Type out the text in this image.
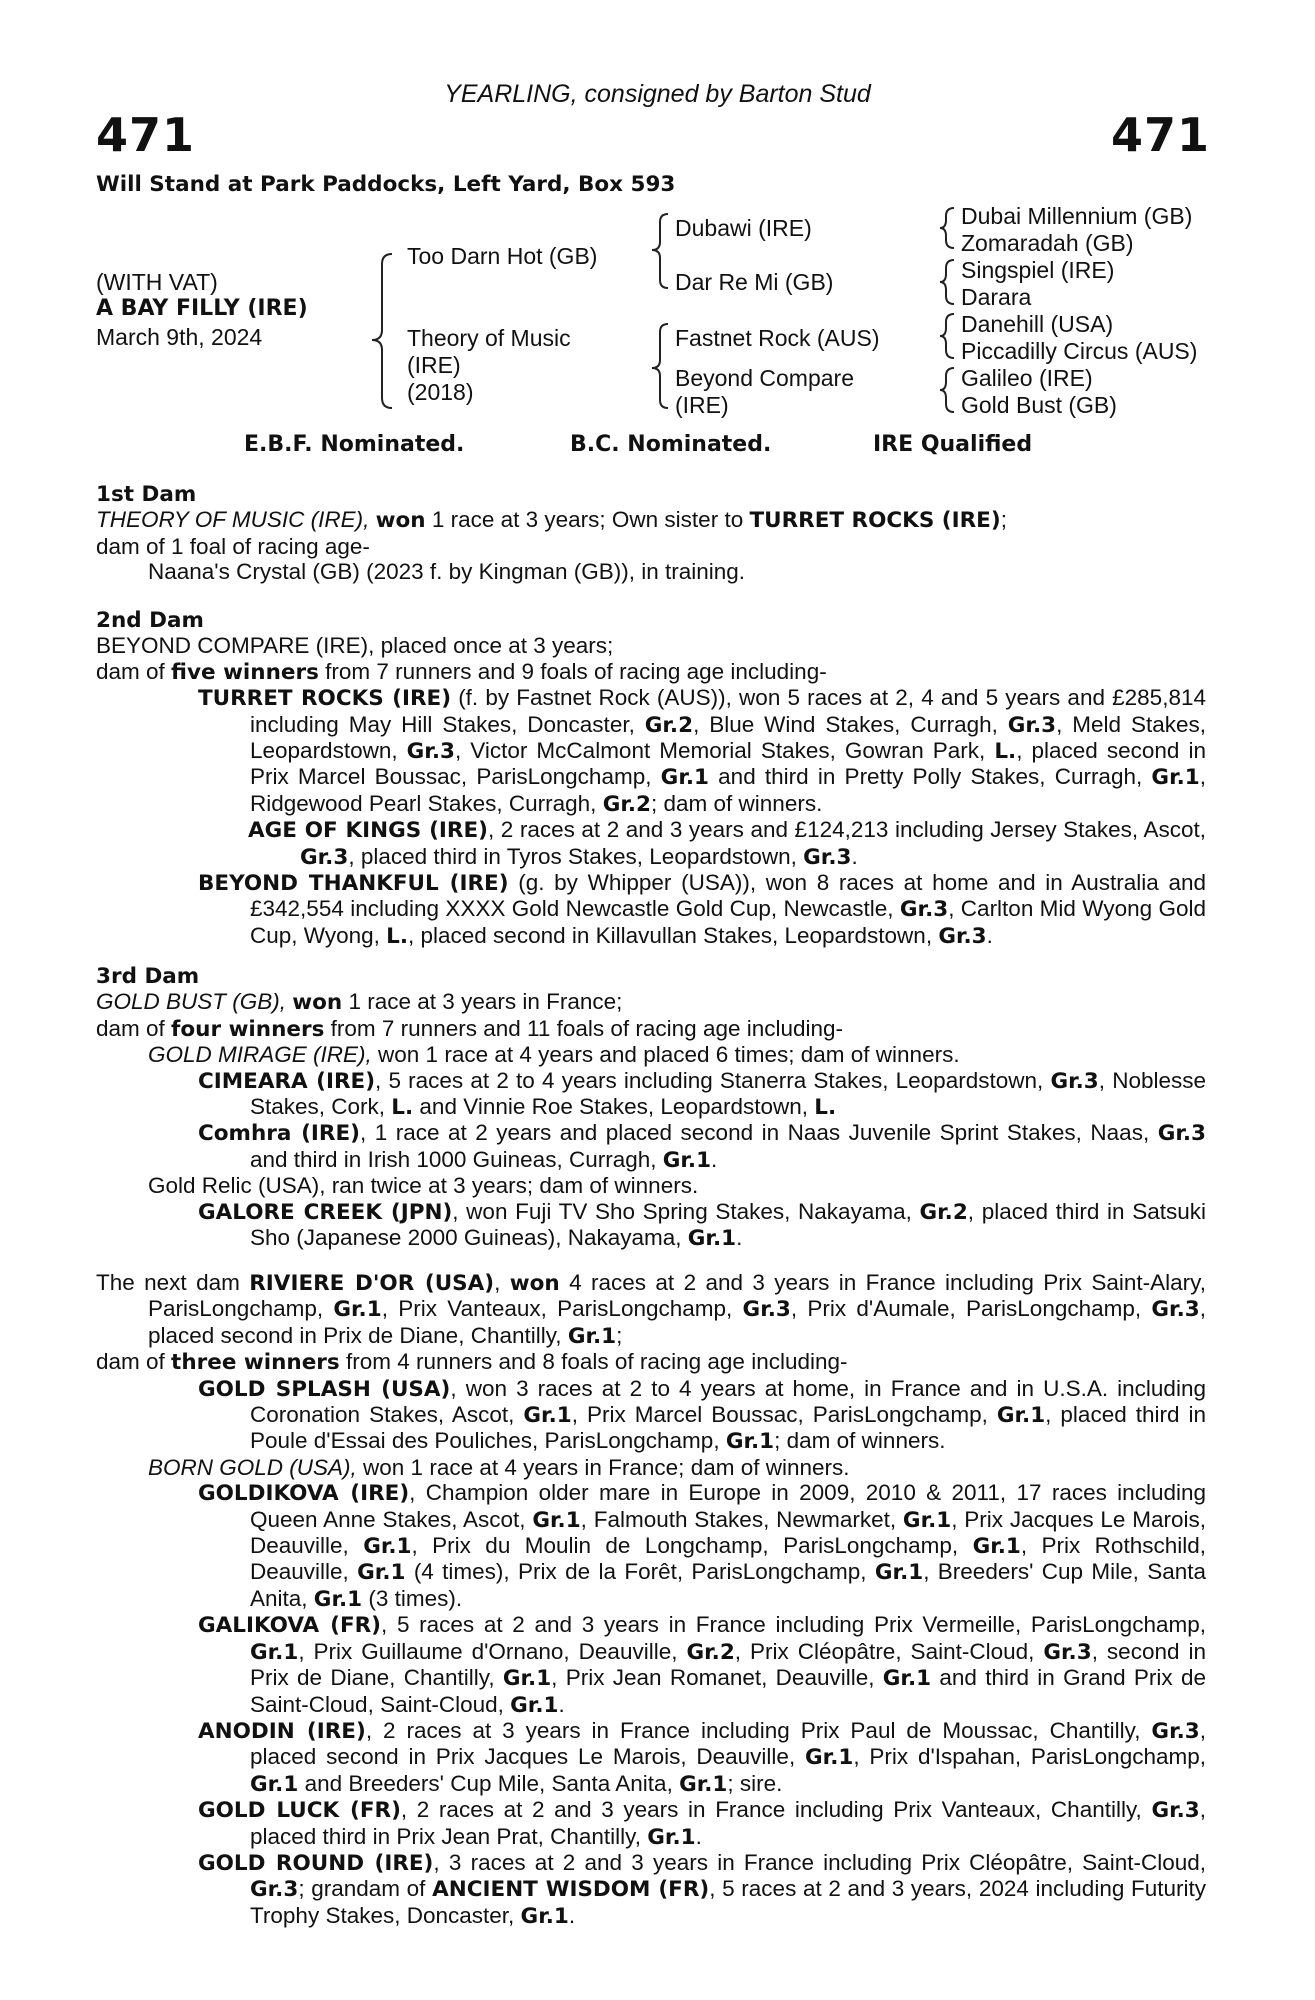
YEARLING, consigned by Barton Stud
471	471
Will Stand at Park Paddocks, Left Yard, Box 593
(WITH VAT)
A BAY FILLY (IRE)
March 9th, 2024
Too Darn Hot (GB)
Theory of Music
(IRE)
(2018)
Dubawi (IRE)
Dar Re Mi (GB)
Fastnet Rock (AUS)
Beyond Compare
(IRE)
Dubai Millennium (GB)
Zomaradah (GB)
Singspiel (IRE)
Darara
Danehill (USA)
Piccadilly Circus (AUS)
Galileo (IRE)
Gold Bust (GB)
E.B.F. Nominated.	B.C. Nominated.	IRE Qualified
1st Dam

THEORY OF MUSIC (IRE), won 1 race at 3 years; Own sister to TURRET ROCKS (IRE);

dam of 1 foal of racing age-

Naana's Crystal (GB) (2023 f. by Kingman (GB)), in training.

2nd Dam

BEYOND COMPARE (IRE), placed once at 3 years;

dam of five winners from 7 runners and 9 foals of racing age including-

TURRET ROCKS (IRE) (f. by Fastnet Rock (AUS)), won 5 races at 2, 4 and 5 years and £285,814 including May Hill Stakes, Doncaster, Gr.2, Blue Wind Stakes, Curragh, Gr.3, Meld Stakes, Leopardstown, Gr.3, Victor McCalmont Memorial Stakes, Gowran Park, L., placed second in Prix Marcel Boussac, ParisLongchamp, Gr.1 and third in Pretty Polly Stakes, Curragh, Gr.1, Ridgewood Pearl Stakes, Curragh, Gr.2; dam of winners.

AGE OF KINGS (IRE), 2 races at 2 and 3 years and £124,213 including Jersey Stakes, Ascot, Gr.3, placed third in Tyros Stakes, Leopardstown, Gr.3.

BEYOND THANKFUL (IRE) (g. by Whipper (USA)), won 8 races at home and in Australia and £342,554 including XXXX Gold Newcastle Gold Cup, Newcastle, Gr.3, Carlton Mid Wyong Gold Cup, Wyong, L., placed second in Killavullan Stakes, Leopardstown, Gr.3.

3rd Dam

GOLD BUST (GB), won 1 race at 3 years in France;

dam of four winners from 7 runners and 11 foals of racing age including-

GOLD MIRAGE (IRE), won 1 race at 4 years and placed 6 times; dam of winners.

CIMEARA (IRE), 5 races at 2 to 4 years including Stanerra Stakes, Leopardstown, Gr.3, Noblesse Stakes, Cork, L. and Vinnie Roe Stakes, Leopardstown, L.

Comhra (IRE), 1 race at 2 years and placed second in Naas Juvenile Sprint Stakes, Naas, Gr.3 and third in Irish 1000 Guineas, Curragh, Gr.1.

Gold Relic (USA), ran twice at 3 years; dam of winners.

GALORE CREEK (JPN), won Fuji TV Sho Spring Stakes, Nakayama, Gr.2, placed third in Satsuki Sho (Japanese 2000 Guineas), Nakayama, Gr.1.

The next dam RIVIERE D'OR (USA), won 4 races at 2 and 3 years in France including Prix Saint-Alary, ParisLongchamp, Gr.1, Prix Vanteaux, ParisLongchamp, Gr.3, Prix d'Aumale, ParisLongchamp, Gr.3, placed second in Prix de Diane, Chantilly, Gr.1;

dam of three winners from 4 runners and 8 foals of racing age including-

GOLD SPLASH (USA), won 3 races at 2 to 4 years at home, in France and in U.S.A. including Coronation Stakes, Ascot, Gr.1, Prix Marcel Boussac, ParisLongchamp, Gr.1, placed third in Poule d'Essai des Pouliches, ParisLongchamp, Gr.1; dam of winners.

BORN GOLD (USA), won 1 race at 4 years in France; dam of winners.

GOLDIKOVA (IRE), Champion older mare in Europe in 2009, 2010 & 2011, 17 races including Queen Anne Stakes, Ascot, Gr.1, Falmouth Stakes, Newmarket, Gr.1, Prix Jacques Le Marois, Deauville, Gr.1, Prix du Moulin de Longchamp, ParisLongchamp, Gr.1, Prix Rothschild, Deauville, Gr.1 (4 times), Prix de la Forêt, ParisLongchamp, Gr.1, Breeders' Cup Mile, Santa Anita, Gr.1 (3 times).

GALIKOVA (FR), 5 races at 2 and 3 years in France including Prix Vermeille, ParisLongchamp, Gr.1, Prix Guillaume d'Ornano, Deauville, Gr.2, Prix Cléopâtre, Saint-Cloud, Gr.3, second in Prix de Diane, Chantilly, Gr.1, Prix Jean Romanet, Deauville, Gr.1 and third in Grand Prix de Saint-Cloud, Saint-Cloud, Gr.1.

ANODIN (IRE), 2 races at 3 years in France including Prix Paul de Moussac, Chantilly, Gr.3, placed second in Prix Jacques Le Marois, Deauville, Gr.1, Prix d'Ispahan, ParisLongchamp, Gr.1 and Breeders' Cup Mile, Santa Anita, Gr.1; sire.

GOLD LUCK (FR), 2 races at 2 and 3 years in France including Prix Vanteaux, Chantilly, Gr.3, placed third in Prix Jean Prat, Chantilly, Gr.1.

GOLD ROUND (IRE), 3 races at 2 and 3 years in France including Prix Cléopâtre, Saint-Cloud, Gr.3; grandam of ANCIENT WISDOM (FR), 5 races at 2 and 3 years, 2024 including Futurity Trophy Stakes, Doncaster, Gr.1.
